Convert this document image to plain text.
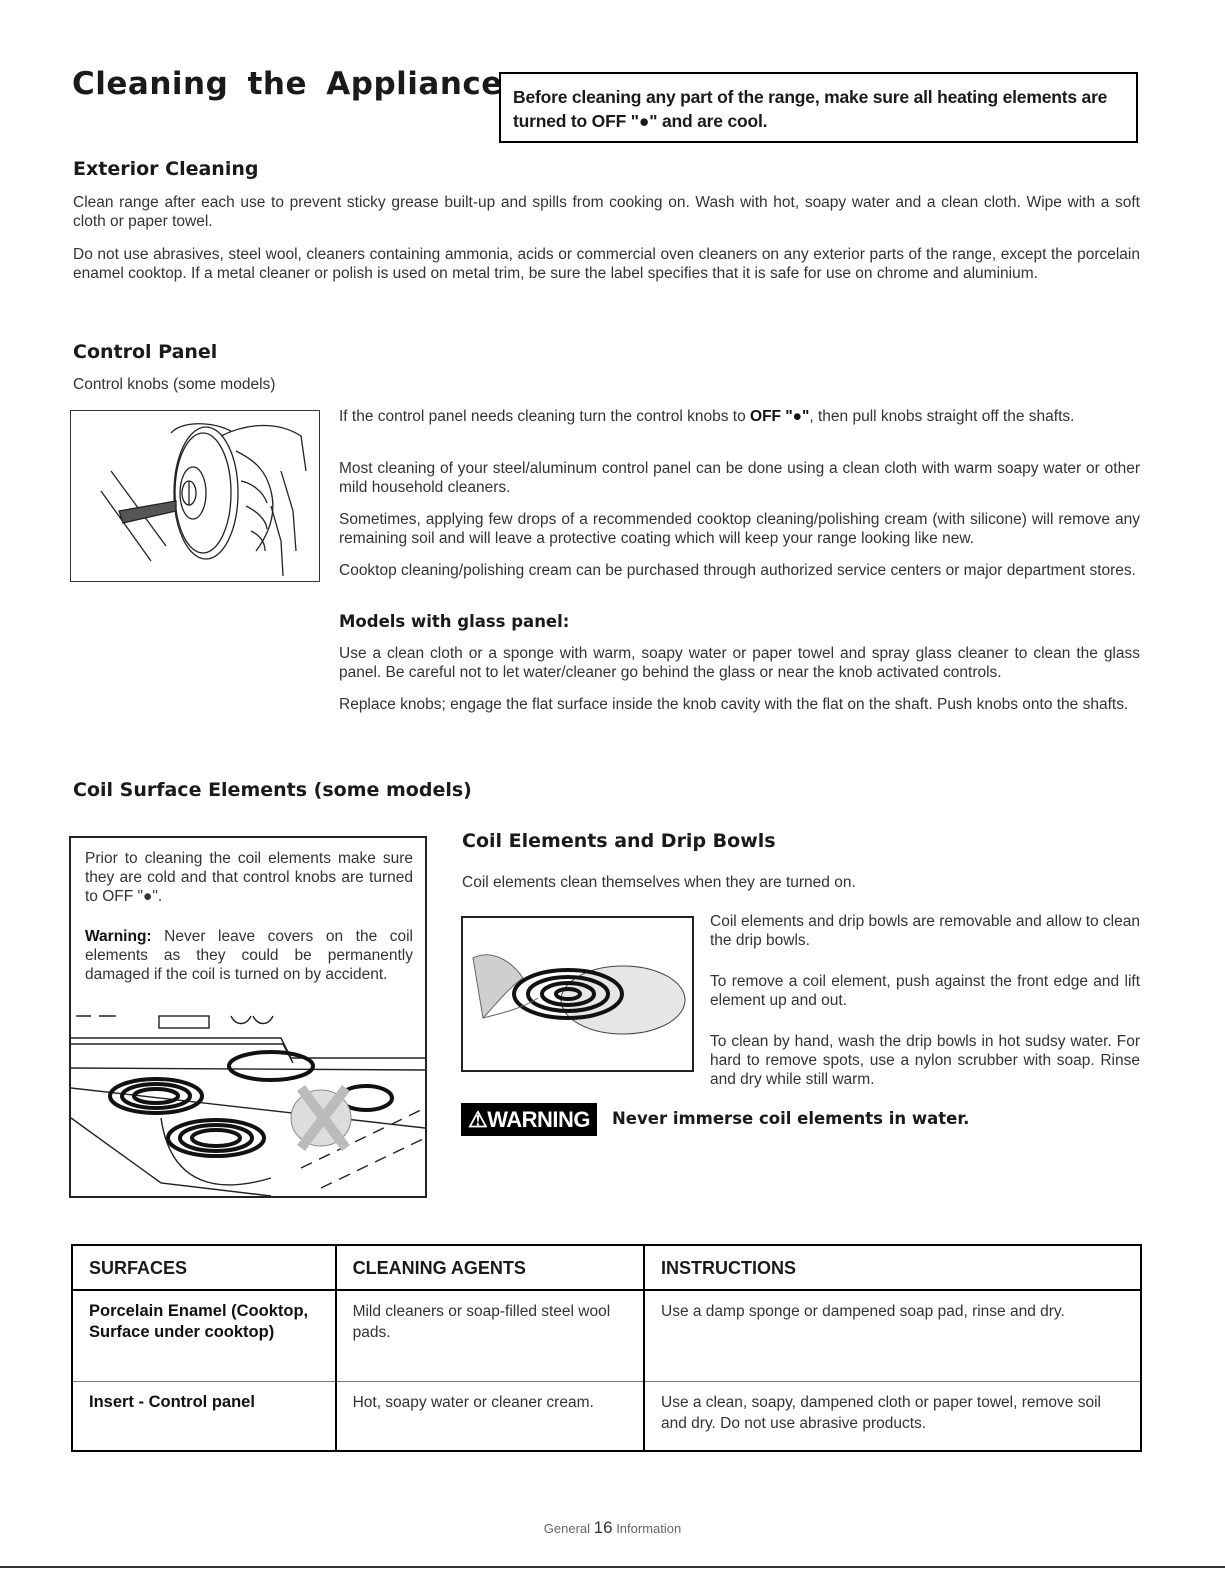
Cleaning the Appliance Before cleaning any part of the range, make sure all heating elements are turned to OFF "●" and are cool.
Exterior Cleaning
Clean range after each use to prevent sticky grease built-up and spills from cooking on. Wash with hot, soapy water and a clean cloth. Wipe with a soft cloth or paper towel.
Do not use abrasives, steel wool, cleaners containing ammonia, acids or commercial oven cleaners on any exterior parts of the range, except the porcelain enamel cooktop. If a metal cleaner or polish is used on metal trim, be sure the label specifies that it is safe for use on chrome and aluminium.
Control Panel
Control knobs (some models)
If the control panel needs cleaning turn the control knobs to OFF "●", then pull knobs straight off the shafts.
Most cleaning of your steel/aluminum control panel can be done using a clean cloth with warm soapy water or other mild household cleaners.
Sometimes, applying few drops of a recommended cooktop cleaning/polishing cream (with silicone) will remove any remaining soil and will leave a protective coating which will keep your range looking like new.
Cooktop cleaning/polishing cream can be purchased through authorized service centers or major department stores.
Models with glass panel:
Use a clean cloth or a sponge with warm, soapy water or paper towel and spray glass cleaner to clean the glass panel. Be careful not to let water/cleaner go behind the glass or near the knob activated controls.
Replace knobs; engage the flat surface inside the knob cavity with the flat on the shaft. Push knobs onto the shafts.
Coil Surface Elements (some models)
Prior to cleaning the coil elements make sure they are cold and that control knobs are turned to OFF "●".
Warning: Never leave covers on the coil elements as they could be permanently damaged if the coil is turned on by accident.
Coil Elements and Drip Bowls
Coil elements clean themselves when they are turned on.
Coil elements and drip bowls are removable and allow to clean the drip bowls.
To remove a coil element, push against the front edge and lift element up and out.
To clean by hand, wash the drip bowls in hot sudsy water. For hard to remove spots, use a nylon scrubber with soap. Rinse and dry while still warm.
⚠WARNING	Never immerse coil elements in water.
SURFACES	CLEANING AGENTS	INSTRUCTIONS
Porcelain Enamel (Cooktop, Surface under cooktop)	Mild cleaners or soap-filled steel wool pads.	Use a damp sponge or dampened soap pad, rinse and dry.
Insert - Control panel	Hot, soapy water or cleaner cream.	Use a clean, soapy, dampened cloth or paper towel, remove soil and dry. Do not use abrasive products.
General 16 Information
